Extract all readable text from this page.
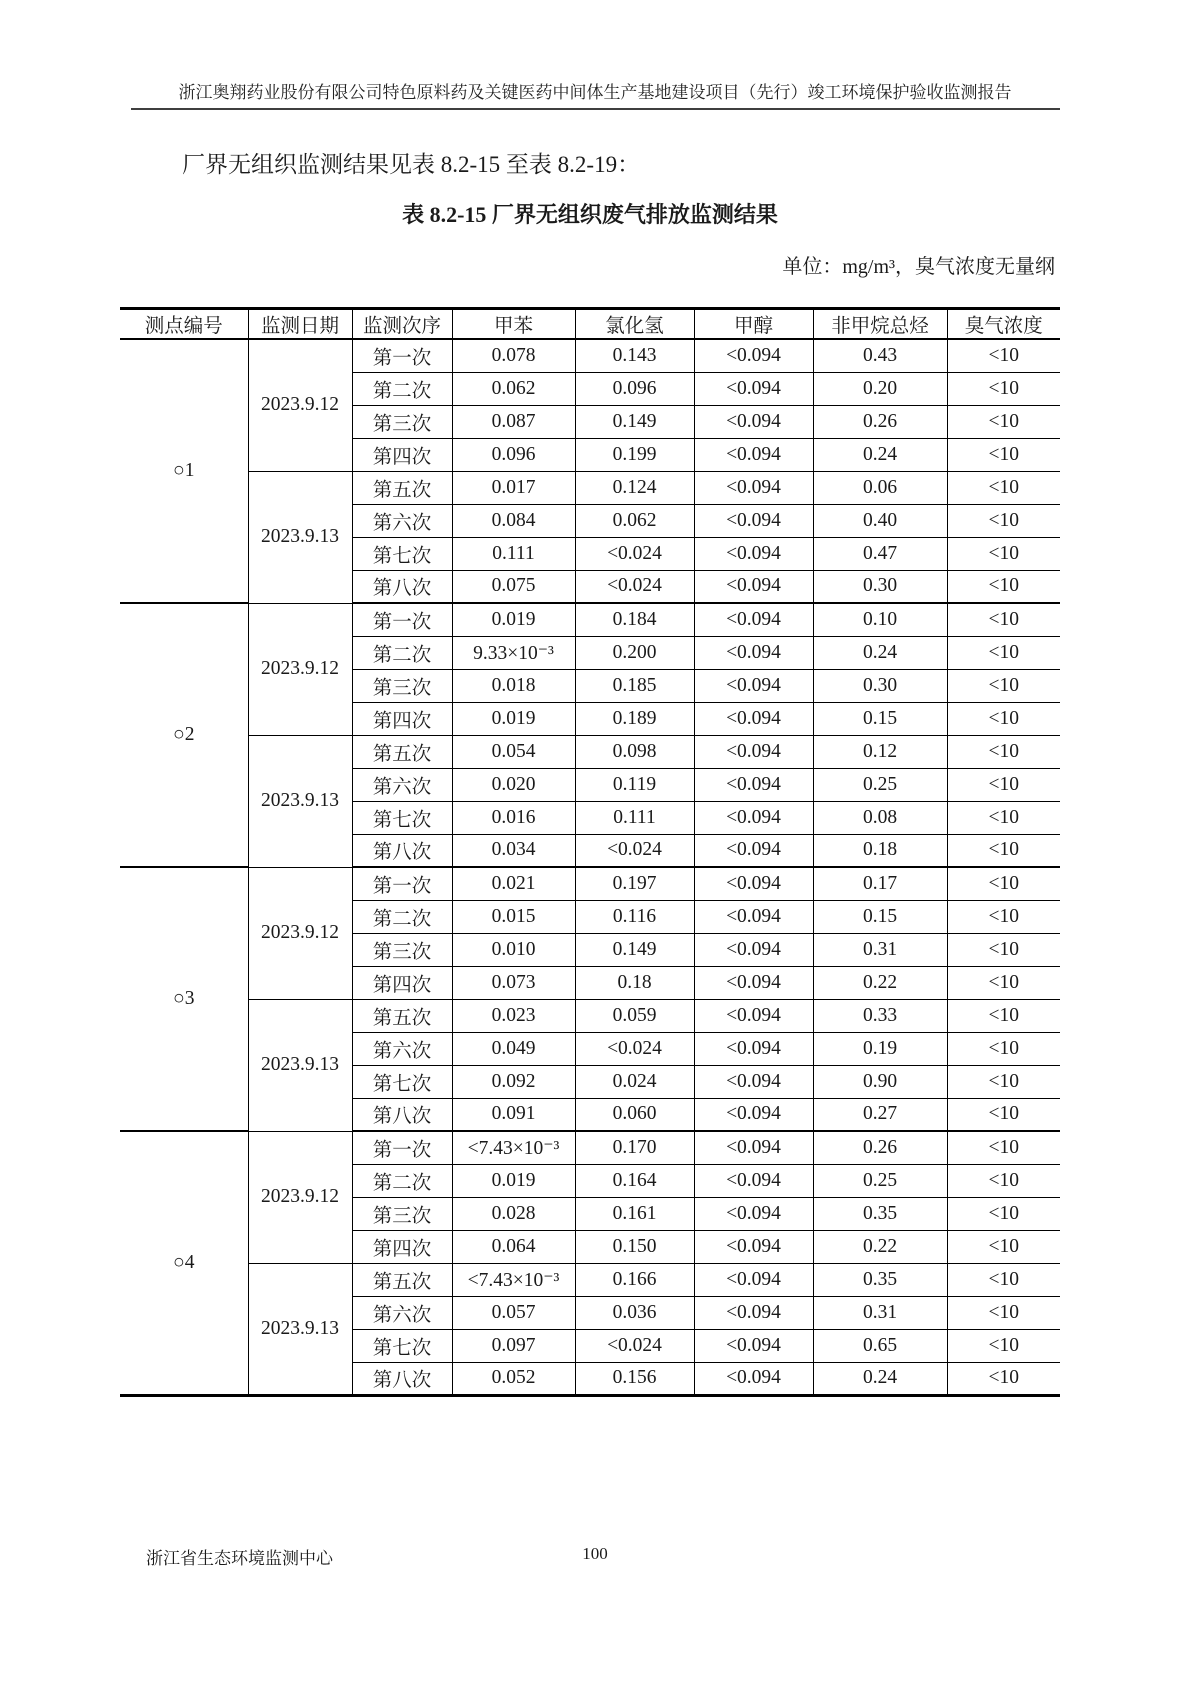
浙江奥翔药业股份有限公司特色原料药及关键医药中间体生产基地建设项目（先行）竣工环境保护验收监测报告

厂界无组织监测结果见表 8.2-15 至表 8.2-19：

表 8.2-15 厂界无组织废气排放监测结果
单位：mg/m³，臭气浓度无量纲
测点编号	监测日期	监测次序	甲苯	氯化氢	甲醇	非甲烷总烃	臭气浓度
○1	2023.9.12	第一次	0.078	0.143	<0.094	0.43	<10
		第二次	0.062	0.096	<0.094	0.20	<10
		第三次	0.087	0.149	<0.094	0.26	<10
		第四次	0.096	0.199	<0.094	0.24	<10
	2023.9.13	第五次	0.017	0.124	<0.094	0.06	<10
		第六次	0.084	0.062	<0.094	0.40	<10
		第七次	0.111	<0.024	<0.094	0.47	<10
		第八次	0.075	<0.024	<0.094	0.30	<10
○2	2023.9.12	第一次	0.019	0.184	<0.094	0.10	<10
		第二次	9.33×10⁻³	0.200	<0.094	0.24	<10
		第三次	0.018	0.185	<0.094	0.30	<10
		第四次	0.019	0.189	<0.094	0.15	<10
	2023.9.13	第五次	0.054	0.098	<0.094	0.12	<10
		第六次	0.020	0.119	<0.094	0.25	<10
		第七次	0.016	0.111	<0.094	0.08	<10
		第八次	0.034	<0.024	<0.094	0.18	<10
○3	2023.9.12	第一次	0.021	0.197	<0.094	0.17	<10
		第二次	0.015	0.116	<0.094	0.15	<10
		第三次	0.010	0.149	<0.094	0.31	<10
		第四次	0.073	0.18	<0.094	0.22	<10
	2023.9.13	第五次	0.023	0.059	<0.094	0.33	<10
		第六次	0.049	<0.024	<0.094	0.19	<10
		第七次	0.092	0.024	<0.094	0.90	<10
		第八次	0.091	0.060	<0.094	0.27	<10
○4	2023.9.12	第一次	<7.43×10⁻³	0.170	<0.094	0.26	<10
		第二次	0.019	0.164	<0.094	0.25	<10
		第三次	0.028	0.161	<0.094	0.35	<10
		第四次	0.064	0.150	<0.094	0.22	<10
	2023.9.13	第五次	<7.43×10⁻³	0.166	<0.094	0.35	<10
		第六次	0.057	0.036	<0.094	0.31	<10
		第七次	0.097	<0.024	<0.094	0.65	<10
		第八次	0.052	0.156	<0.094	0.24	<10
浙江省生态环境监测中心	100
